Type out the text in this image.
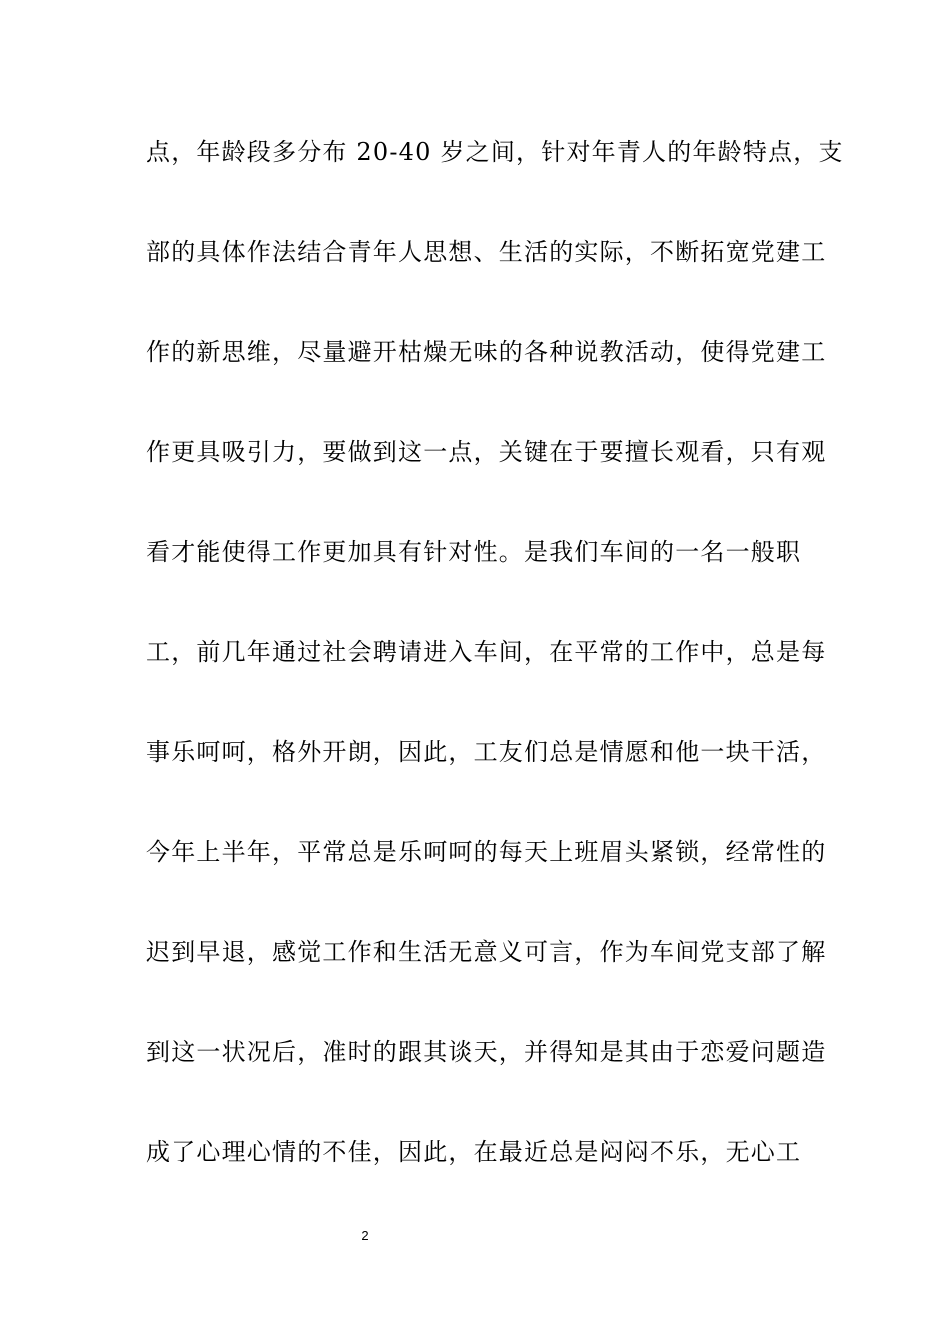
点，年龄段多分布 20-40 岁之间，针对年青人的年龄特点，支
部的具体作法结合青年人思想、生活的实际，不断拓宽党建工
作的新思维，尽量避开枯燥无味的各种说教活动，使得党建工
作更具吸引力，要做到这一点，关键在于要擅长观看，只有观
看才能使得工作更加具有针对性。是我们车间的一名一般职
工，前几年通过社会聘请进入车间，在平常的工作中，总是每
事乐呵呵，格外开朗，因此，工友们总是情愿和他一块干活，
今年上半年，平常总是乐呵呵的每天上班眉头紧锁，经常性的
迟到早退，感觉工作和生活无意义可言，作为车间党支部了解
到这一状况后，准时的跟其谈天，并得知是其由于恋爱问题造
成了心理心情的不佳，因此，在最近总是闷闷不乐，无心工
2
